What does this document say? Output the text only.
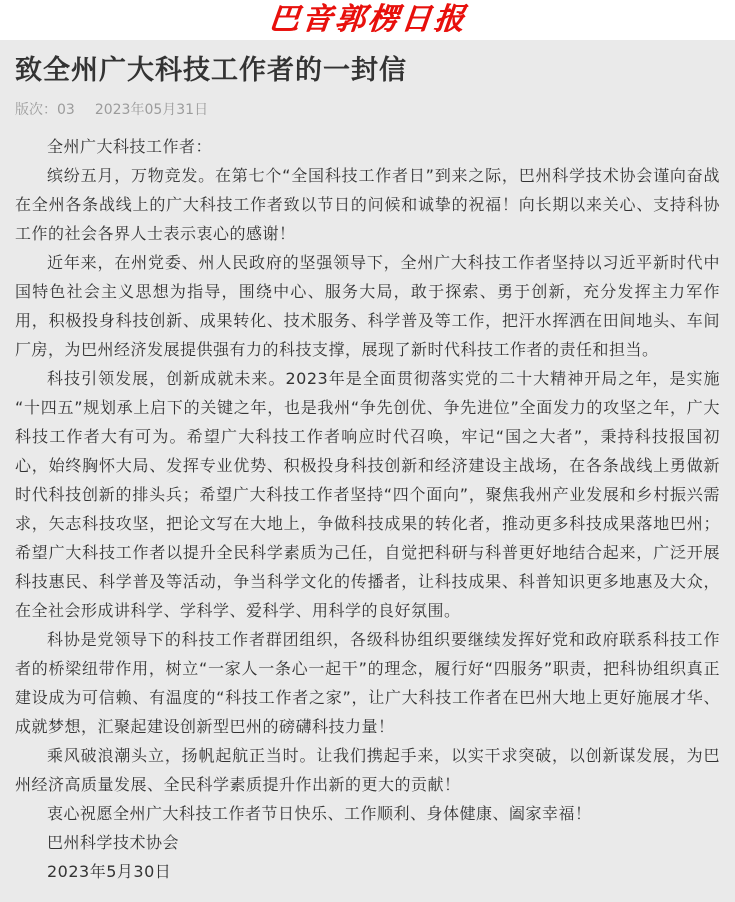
巴音郭楞日报
致全州广大科技工作者的一封信
版次： 03 2023年05月31日

全州广大科技工作者：

缤纷五月，万物竞发。在第七个“全国科技工作者日”到来之际，巴州科学技术协会谨向奋战在全州各条战线上的广大科技工作者致以节日的问候和诚挚的祝福！向长期以来关心、支持科协工作的社会各界人士表示衷心的感谢！

近年来，在州党委、州人民政府的坚强领导下，全州广大科技工作者坚持以习近平新时代中国特色社会主义思想为指导，围绕中心、服务大局，敢于探索、勇于创新，充分发挥主力军作用，积极投身科技创新、成果转化、技术服务、科学普及等工作，把汗水挥洒在田间地头、车间厂房，为巴州经济发展提供强有力的科技支撑，展现了新时代科技工作者的责任和担当。

科技引领发展，创新成就未来。2023年是全面贯彻落实党的二十大精神开局之年，是实施“十四五”规划承上启下的关键之年，也是我州“争先创优、争先进位”全面发力的攻坚之年，广大科技工作者大有可为。希望广大科技工作者响应时代召唤，牢记“国之大者”，秉持科技报国初心，始终胸怀大局、发挥专业优势、积极投身科技创新和经济建设主战场，在各条战线上勇做新时代科技创新的排头兵；希望广大科技工作者坚持“四个面向”，聚焦我州产业发展和乡村振兴需求，矢志科技攻坚，把论文写在大地上，争做科技成果的转化者，推动更多科技成果落地巴州；希望广大科技工作者以提升全民科学素质为己任，自觉把科研与科普更好地结合起来，广泛开展科技惠民、科学普及等活动，争当科学文化的传播者，让科技成果、科普知识更多地惠及大众，在全社会形成讲科学、学科学、爱科学、用科学的良好氛围。

科协是党领导下的科技工作者群团组织，各级科协组织要继续发挥好党和政府联系科技工作者的桥梁纽带作用，树立“一家人一条心一起干”的理念，履行好“四服务”职责，把科协组织真正建设成为可信赖、有温度的“科技工作者之家”，让广大科技工作者在巴州大地上更好施展才华、成就梦想，汇聚起建设创新型巴州的磅礴科技力量！

乘风破浪潮头立，扬帆起航正当时。让我们携起手来，以实干求突破，以创新谋发展，为巴州经济高质量发展、全民科学素质提升作出新的更大的贡献！

衷心祝愿全州广大科技工作者节日快乐、工作顺利、身体健康、阖家幸福！

巴州科学技术协会

2023年5月30日
